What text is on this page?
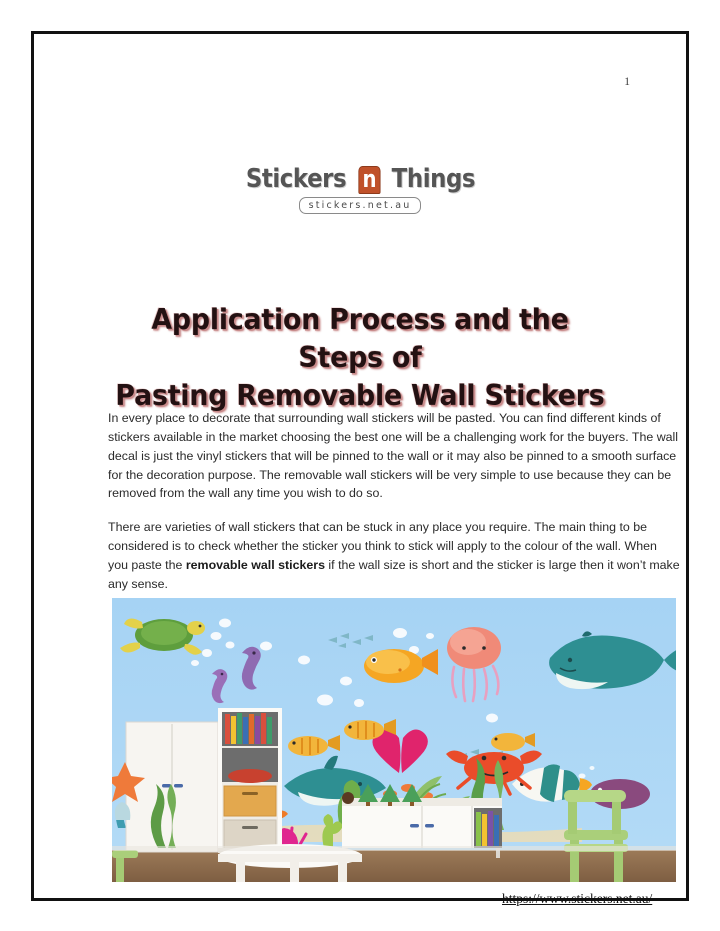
1
Stickers n Things
stickers.net.au
Application Process and the Steps of
Pasting Removable Wall Stickers

In every place to decorate that surrounding wall stickers will be pasted. You can find different kinds of stickers available in the market choosing the best one will be a challenging work for the buyers. The wall decal is just the vinyl stickers that will be pinned to the wall or it may also be pinned to a smooth surface for the decoration purpose. The removable wall stickers will be very simple to use because they can be removed from the wall any time you wish to do so.

There are varieties of wall stickers that can be stuck in any place you require. The main thing to be considered is to check whether the sticker you think to stick will apply to the colour of the wall. When you paste the removable wall stickers if the wall size is short and the sticker is large then it won’t make any sense.

https://www.stickers.net.au/
